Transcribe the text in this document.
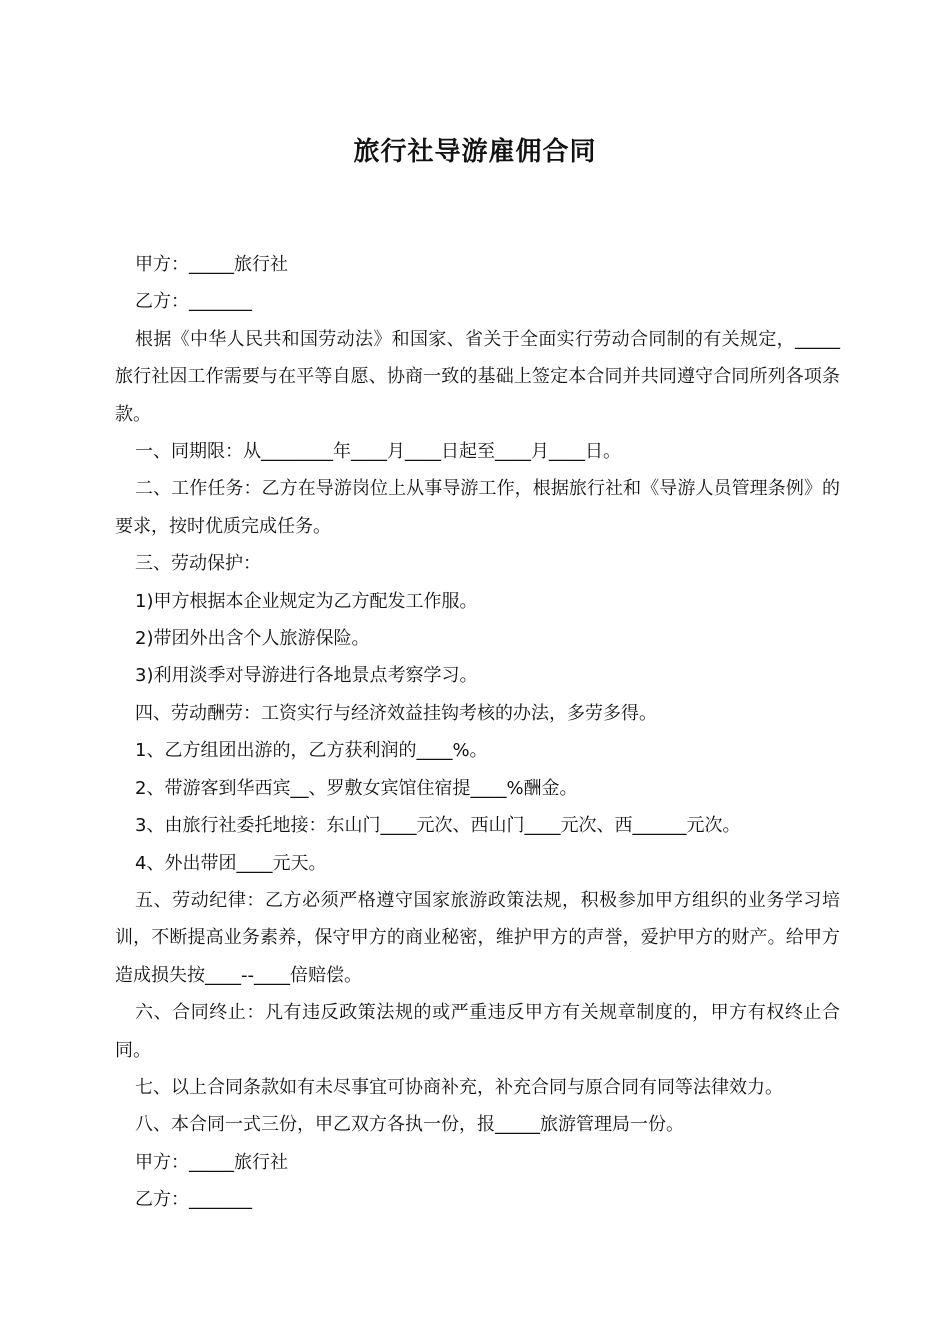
旅行社导游雇佣合同

甲方：_____旅行社

乙方：_______

根据《中华人民共和国劳动法》和国家、省关于全面实行劳动合同制的有关规定，_____旅行社因工作需要与在平等自愿、协商一致的基础上签定本合同并共同遵守合同所列各项条款。

一、同期限：从________年____月____日起至____月____日。

二、工作任务：乙方在导游岗位上从事导游工作，根据旅行社和《导游人员管理条例》的要求，按时优质完成任务。

三、劳动保护：

1)甲方根据本企业规定为乙方配发工作服。

2)带团外出含个人旅游保险。

3)利用淡季对导游进行各地景点考察学习。

四、劳动酬劳：工资实行与经济效益挂钩考核的办法，多劳多得。

1、乙方组团出游的，乙方获利润的____%。

2、带游客到华西宾__、罗敷女宾馆住宿提____%酬金。

3、由旅行社委托地接：东山门____元次、西山门____元次、西______元次。

4、外出带团____元天。

五、劳动纪律：乙方必须严格遵守国家旅游政策法规，积极参加甲方组织的业务学习培训，不断提高业务素养，保守甲方的商业秘密，维护甲方的声誉，爱护甲方的财产。给甲方造成损失按____--____倍赔偿。

六、合同终止：凡有违反政策法规的或严重违反甲方有关规章制度的，甲方有权终止合同。

七、以上合同条款如有未尽事宜可协商补充，补充合同与原合同有同等法律效力。

八、本合同一式三份，甲乙双方各执一份，报_____旅游管理局一份。

甲方：_____旅行社

乙方：_______
